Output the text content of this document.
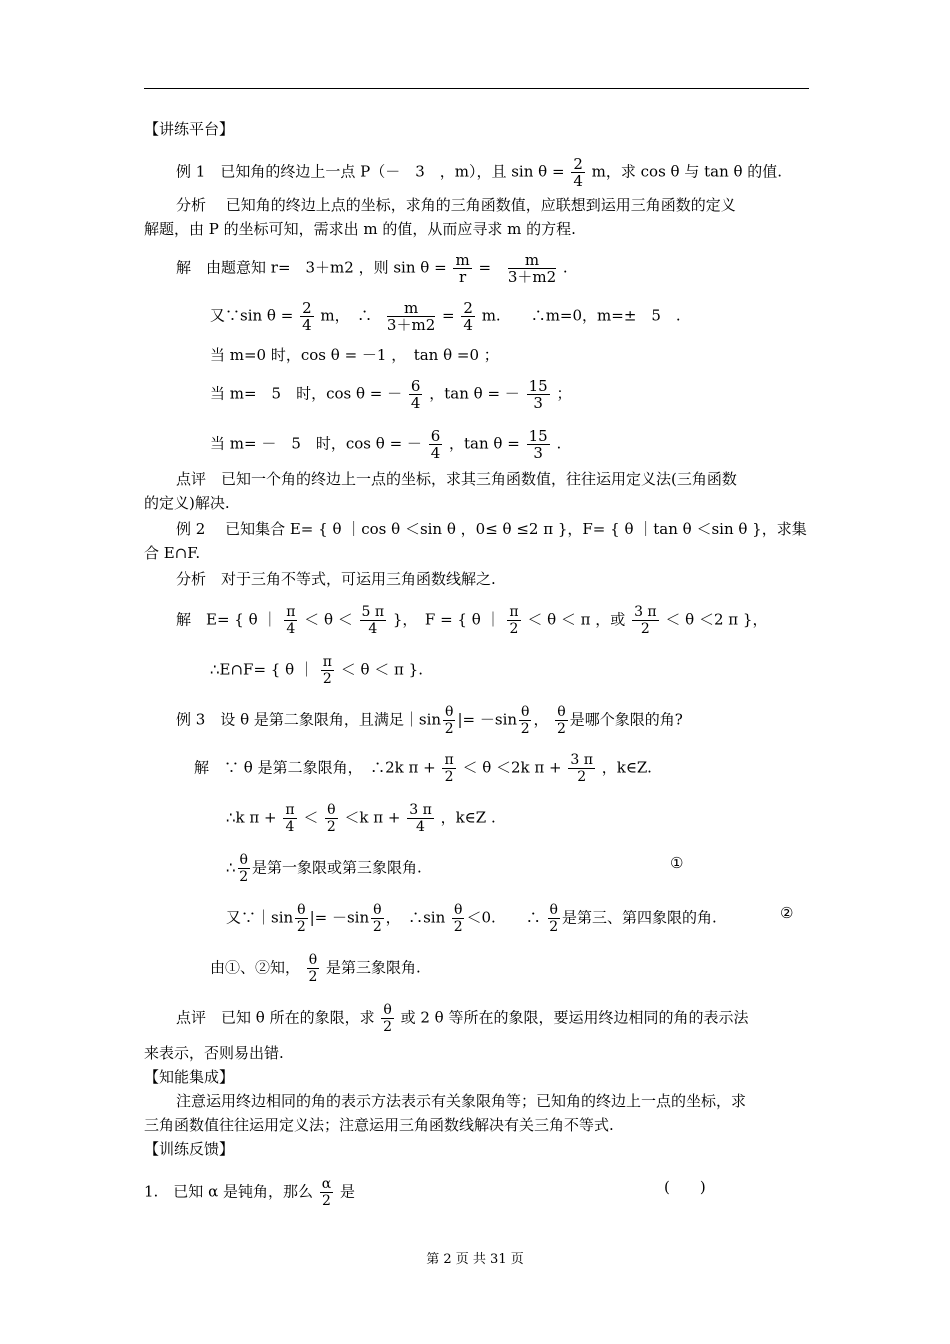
【讲练平台】
例 1　 已知角的终边上一点 P（－　3　，m），且 $\sin \theta = \frac{2}{4}$ m，求 cos θ 与 tan θ 的值.
分析　 已知角的终边上点的坐标，求角的三角函数值，应联想到运用三角函数的定义
解题，由 P 的坐标可知，需求出 m 的值，从而应寻求 m 的方程.
解　由题意知 r=　3＋m2 ，则 $\sin \theta = \frac{m}{r} = \frac{m}{3+m2}$ .
又∵sin $\theta = \frac{2}{4}$ m，　∴ $\frac{m}{3+m2} = \frac{2}{4} m$.　　∴m=0，m=±　5　.
当 m=0 时，cos θ = －1 ，　tan θ =0 ；
当 m=　5　时，cos θ = － $\frac{6}{4}$ ，tan θ = － $\frac{15}{3}$ ；
当 m= －　5　时，cos θ = － $\frac{6}{4}$ ，$\tan \theta = \frac{15}{3}$ .
点评　已知一个角的终边上一点的坐标，求其三角函数值，往往运用定义法(三角函数
的定义)解决.
例 2　 已知集合 E= { θ ｜cos θ ＜sin θ ，0≤ θ ≤2 π }，F= { θ ｜tan θ ＜sin θ }，求集
合 E∩F.
分析　对于三角不等式，可运用三角函数线解之.
解　E= { θ ｜ $\frac{\pi}{4} < \theta < \frac{5 \pi}{4}$ }，　F = { θ ｜ $\frac{\pi}{2} < \theta < \pi$ ，或 $\frac{3 \pi}{2} < \theta <2$ π }，
∴E∩F= { θ ｜ $\frac{\pi}{2} < \theta < \pi$ }.
例 3　设 θ 是第二象限角，且满足｜sin $\frac{\theta}{2}$ |= $-\sin \frac{\theta}{2}$ ， $\frac{\theta}{2}$ 是哪个象限的角?
解　∵ θ 是第二象限角，　∴2k $\pi + \frac{\pi}{2} < \theta <2k$ $\pi + \frac{3 \pi}{2}$ ，k∈Z.
∴k $\pi + \frac{\pi}{4} < \frac{\theta}{2} <k$ $\pi + \frac{3 \pi}{4}$ ，k∈Z .
∴ $\frac{\theta}{2}$ 是第一象限或第三象限角.	①
又∵｜sin $\frac{\theta}{2}$ |= $-\sin \frac{\theta}{2}$ ，　∴sin $\frac{\theta}{2} <0$.　　∴ $\frac{\theta}{2}$ 是第三、第四象限的角.	②
由①、②知， $\frac{\theta}{2}$ 是第三象限角.
点评　已知 θ 所在的象限，求 $\frac{\theta}{2}$ 或 2 θ 等所在的象限，要运用终边相同的角的表示法
来表示，否则易出错.
【知能集成】
注意运用终边相同的角的表示方法表示有关象限角等；已知角的终边上一点的坐标，求
三角函数值往往运用定义法；注意运用三角函数线解决有关三角不等式.
【训练反馈】
1.　已知 α 是钝角，那么 $\frac{\alpha}{2}$ 是	(　　)
第 2 页 共 31 页
